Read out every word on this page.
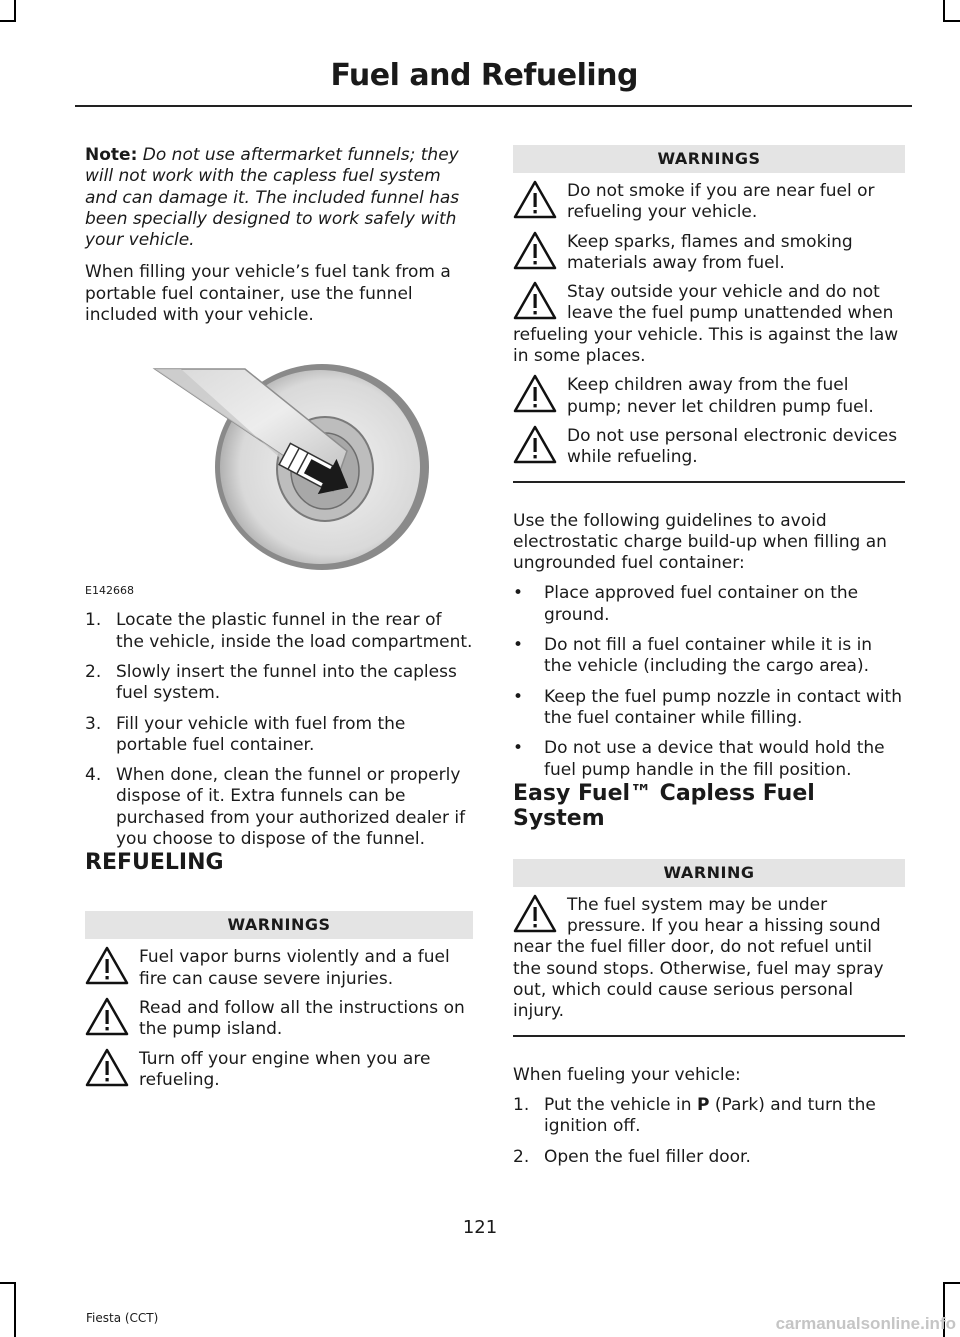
Fuel and Refueling

Note: Do not use aftermarket funnels; they will not work with the capless fuel system and can damage it. The included funnel has been specially designed to work safely with your vehicle.

When filling your vehicle’s fuel tank from a portable fuel container, use the funnel included with your vehicle.

E142668
1. Locate the plastic funnel in the rear of the vehicle, inside the load compartment.
2. Slowly insert the funnel into the capless fuel system.
3. Fill your vehicle with fuel from the portable fuel container.
4. When done, clean the funnel or properly dispose of it. Extra funnels can be purchased from your authorized dealer if you choose to dispose of the funnel.
REFUELING
WARNINGS
Fuel vapor burns violently and a fuel fire can cause severe injuries.
Read and follow all the instructions on the pump island.
Turn off your engine when you are refueling.
WARNINGS
Do not smoke if you are near fuel or refueling your vehicle.
Keep sparks, flames and smoking materials away from fuel.
Stay outside your vehicle and do not leave the fuel pump unattended when refueling your vehicle. This is against the law in some places.
Keep children away from the fuel pump; never let children pump fuel.
Do not use personal electronic devices while refueling.

Use the following guidelines to avoid electrostatic charge build-up when filling an ungrounded fuel container:

• Place approved fuel container on the ground.
• Do not fill a fuel container while it is in the vehicle (including the cargo area).
• Keep the fuel pump nozzle in contact with the fuel container while filling.
• Do not use a device that would hold the fuel pump handle in the fill position.
Easy Fuel™ Capless Fuel System
WARNING
The fuel system may be under pressure. If you hear a hissing sound near the fuel filler door, do not refuel until the sound stops. Otherwise, fuel may spray out, which could cause serious personal injury.

When fueling your vehicle:

1. Put the vehicle in P (Park) and turn the ignition off.
2. Open the fuel filler door.

121

Fiesta (CCT)	carmanualsonline.info
